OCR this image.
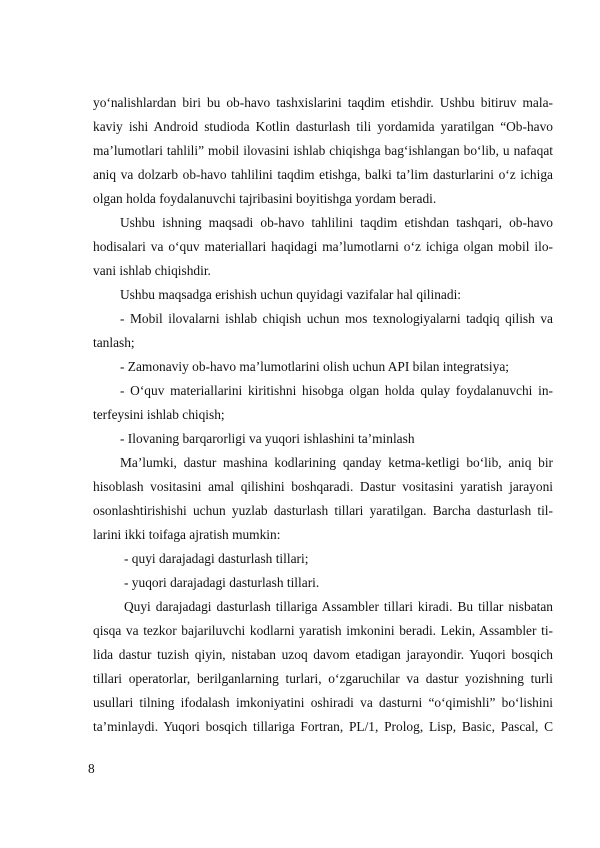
yo‘nalishlardan biri bu ob-havo tashxislarini taqdim etishdir. Ushbu bitiruv mala-
kaviy ishi Android studioda Kotlin dasturlash tili yordamida yaratilgan “Ob-havo
ma’lumotlari tahlili” mobil ilovasini ishlab chiqishga bag‘ishlangan bo‘lib, u nafaqat
aniq va dolzarb ob-havo tahlilini taqdim etishga, balki ta’lim dasturlarini o‘z ichiga
olgan holda foydalanuvchi tajribasini boyitishga yordam beradi.
Ushbu ishning maqsadi ob-havo tahlilini taqdim etishdan tashqari, ob-havo
hodisalari va o‘quv materiallari haqidagi ma’lumotlarni o‘z ichiga olgan mobil ilo-
vani ishlab chiqishdir.
Ushbu maqsadga erishish uchun quyidagi vazifalar hal qilinadi:
- Mobil ilovalarni ishlab chiqish uchun mos texnologiyalarni tadqiq qilish va
tanlash;
- Zamonaviy ob-havo ma’lumotlarini olish uchun API bilan integratsiya;
- O‘quv materiallarini kiritishni hisobga olgan holda qulay foydalanuvchi in-
terfeysini ishlab chiqish;
- Ilovaning barqarorligi va yuqori ishlashini ta’minlash
Ma’lumki, dastur mashina kodlarining qanday ketma-ketligi bo‘lib, aniq bir
hisoblash vositasini amal qilishini boshqaradi. Dastur vositasini yaratish jarayoni
osonlashtirishishi uchun yuzlab dasturlash tillari yaratilgan. Barcha dasturlash til-
larini ikki toifaga ajratish mumkin:
- quyi darajadagi dasturlash tillari;
- yuqori darajadagi dasturlash tillari.
Quyi darajadagi dasturlash tillariga Assambler tillari kiradi. Bu tillar nisbatan
qisqa va tezkor bajariluvchi kodlarni yaratish imkonini beradi. Lekin, Assambler ti-
lida dastur tuzish qiyin, nistaban uzoq davom etadigan jarayondir. Yuqori bosqich
tillari operatorlar, berilganlarning turlari, o‘zgaruchilar va dastur yozishning turli
usullari tilning ifodalash imkoniyatini oshiradi va dasturni “o‘qimishli” bo‘lishini
ta’minlaydi. Yuqori bosqich tillariga Fortran, PL/1, Prolog, Lisp, Basic, Pascal, C
8
